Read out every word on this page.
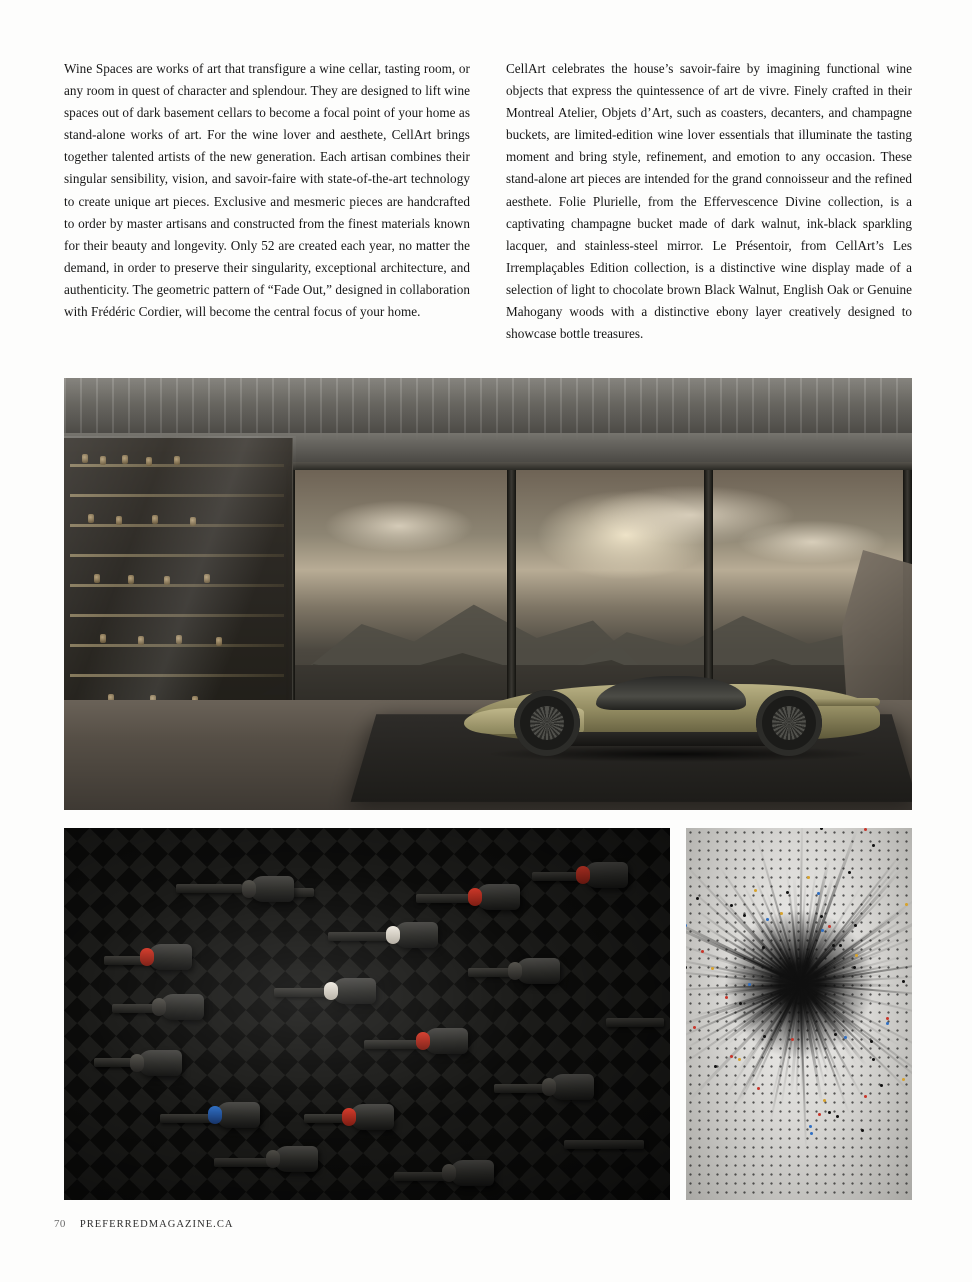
Wine Spaces are works of art that transfigure a wine cellar, tasting room, or any room in quest of character and splendour. They are designed to lift wine spaces out of dark basement cellars to become a focal point of your home as stand-alone works of art. For the wine lover and aesthete, CellArt brings together talented artists of the new generation. Each artisan combines their singular sensibility, vision, and savoir-faire with state-of-the-art technology to create unique art pieces. Exclusive and mesmeric pieces are handcrafted to order by master artisans and constructed from the finest materials known for their beauty and longevity. Only 52 are created each year, no matter the demand, in order to preserve their singularity, exceptional architecture, and authenticity. The geometric pattern of “Fade Out,” designed in collaboration with Frédéric Cordier, will become the central focus of your home.

CellArt celebrates the house’s savoir-faire by imagining functional wine objects that express the quintessence of art de vivre. Finely crafted in their Montreal Atelier, Objets d’Art, such as coasters, decanters, and champagne buckets, are limited-edition wine lover essentials that illuminate the tasting moment and bring style, refinement, and emotion to any occasion. These stand-alone art pieces are intended for the grand connoisseur and the refined aesthete. Folie Plurielle, from the Effervescence Divine collection, is a captivating champagne bucket made of dark walnut, ink-black sparkling lacquer, and stainless-steel mirror. Le Présentoir, from CellArt’s Les Irremplaçables Edition collection, is a distinctive wine display made of a selection of light to chocolate brown Black Walnut, English Oak or Genuine Mahogany woods with a distinctive ebony layer creatively designed to showcase bottle treasures.

70 PREFERREDMAGAZINE.CA
